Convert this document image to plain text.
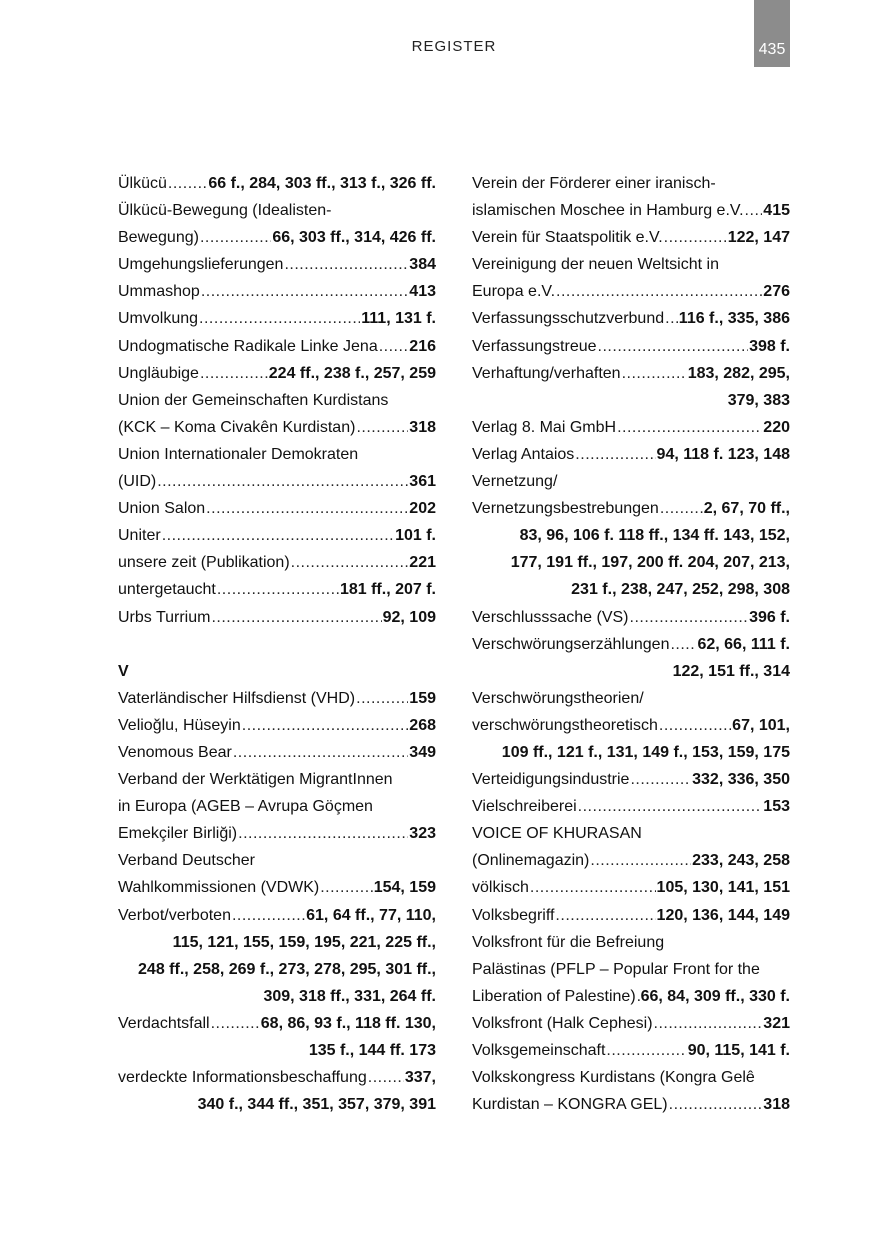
REGISTER	435
Ülkücü .....	66 f., 284, 303 ff., 313 f., 326 ff.
Ülkücü-Bewegung (Idealisten-
Bewegung) .....	66, 303 ff., 314, 426 ff.
Umgehungslieferungen .....	384
Ummashop .....	413
Umvolkung .....	111, 131 f.
Undogmatische Radikale Linke Jena ..... 216
Ungläubige .....	224 ff., 238 f., 257, 259
Union der Gemeinschaften Kurdistans
(KCK – Koma Civakên Kurdistan) .....	318
Union Internationaler Demokraten
(UID) .....	361
Union Salon .....	202
Uniter .....	101 f.
unsere zeit (Publikation) .....	221
untergetaucht .....	181 ff., 207 f.
Urbs Turrium .....	92, 109
V
Vaterländischer Hilfsdienst (VHD) .....	159
Velioğlu, Hüseyin .....	268
Venomous Bear .....	349
Verband der Werktätigen MigrantInnen
in Europa (AGEB – Avrupa Göçmen
Emekçiler Birliği) .....	323
Verband Deutscher
Wahlkommissionen (VDWK) .....	154, 159
Verbot/verboten .....	61, 64 ff., 77, 110,
115, 121, 155, 159, 195, 221, 225 ff.,
248 ff., 258, 269 f., 273, 278, 295, 301 ff.,
309, 318 ff., 331, 264 ff.
Verdachtsfall .....	68, 86, 93 f., 118 ff. 130,
135 f., 144 ff. 173
verdeckte Informationsbeschaffung ..... 337,
340 f., 344 ff., 351, 357, 379, 391
Verein der Förderer einer iranisch-
islamischen Moschee in Hamburg e.V. ..... 415
Verein für Staatspolitik e.V. .....	122, 147
Vereinigung der neuen Weltsicht in
Europa e.V. .....	276
Verfassungsschutzverbund ..... 116 f., 335, 386
Verfassungstreue .....	398 f.
Verhaftung/verhaften .....	183, 282, 295,
379, 383
Verlag 8. Mai GmbH .....	220
Verlag Antaios .....	94, 118 f. 123, 148
Vernetzung/
Vernetzungsbestrebungen .....	2, 67, 70 ff.,
83, 96, 106 f. 118 ff., 134 ff. 143, 152,
177, 191 ff., 197, 200 ff. 204, 207, 213,
231 f., 238, 247, 252, 298, 308
Verschlusssache (VS) .....	396 f.
Verschwörungserzählungen ..... 62, 66, 111 f.
122, 151 ff., 314
Verschwörungstheorien/
verschwörungstheoretisch .....	67, 101,
109 ff., 121 f., 131, 149 f., 153, 159, 175
Verteidigungsindustrie .....	332, 336, 350
Vielschreiberei .....	153
VOICE OF KHURASAN
(Onlinemagazin) .....	233, 243, 258
völkisch .....	105, 130, 141, 151
Volksbegriff .....	120, 136, 144, 149
Volksfront für die Befreiung
Palästinas (PFLP – Popular Front for the
Liberation of Palestine) ..... 66, 84, 309 ff., 330 f.
Volksfront (Halk Cephesi) .....	321
Volksgemeinschaft .....	90, 115, 141 f.
Volkskongress Kurdistans (Kongra Gelê
Kurdistan – KONGRA GEL) .....	318
